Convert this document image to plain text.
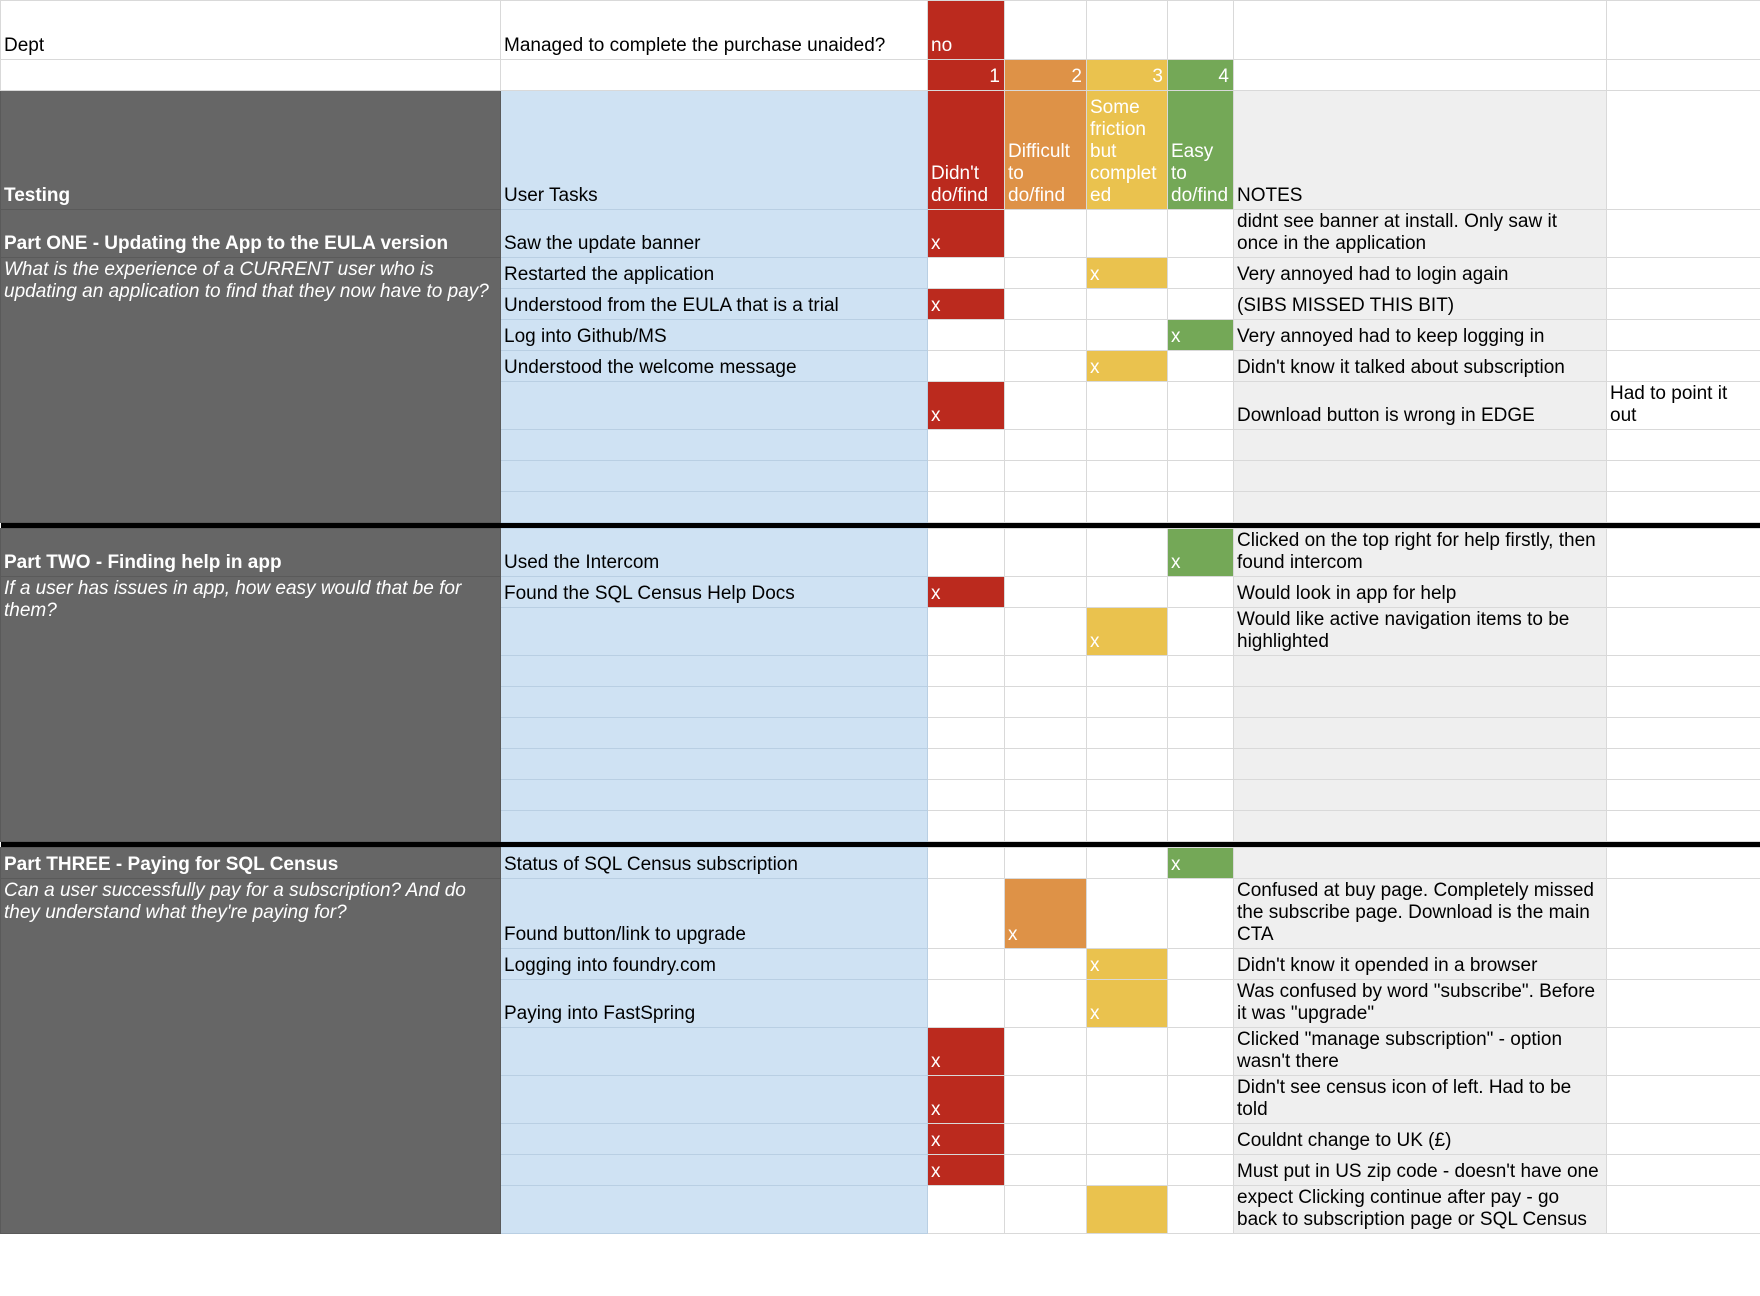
Dept	Managed to complete the purchase unaided?	no					
		1	2	3	4		
Testing	User Tasks	Didn't do/find	Difficult to do/find	Some friction but completed	Easy to do/find	NOTES	
Part ONE - Updating the App to the EULA version	Saw the update banner	x				didnt see banner at install. Only saw it once in the application	
What is the experience of a CURRENT user who is updating an application to find that they now have to pay?	Restarted the application			x		Very annoyed had to login again	
	Understood from the EULA that is a trial	x				(SIBS MISSED THIS BIT)	
	Log into Github/MS				x	Very annoyed had to keep logging in	
	Understood the welcome message			x		Didn't know it talked about subscription	
		x				Download button is wrong in EDGE	Had to point it out

Part TWO - Finding help in app	Used the Intercom				x	Clicked on the top right for help firstly, then found intercom	
If a user has issues in app, how easy would that be for them?	Found the SQL Census Help Docs	x				Would look in app for help	
				x		Would like active navigation items to be highlighted	

Part THREE - Paying for SQL Census	Status of SQL Census subscription				x		
Can a user successfully pay for a subscription? And do they understand what they're paying for?	Found button/link to upgrade		x			Confused at buy page. Completely missed the subscribe page. Download is the main CTA	
	Logging into foundry.com			x		Didn't know it opended in a browser	
	Paying into FastSpring			x		Was confused by word "subscribe". Before it was "upgrade"	
		x				Clicked "manage subscription" - option wasn't there	
		x				Didn't see census icon of left. Had to be told	
		x				Couldnt change to UK (£)	
		x				Must put in US zip code - doesn't have one	
						expect Clicking continue after pay - go back to subscription page or SQL Census	
